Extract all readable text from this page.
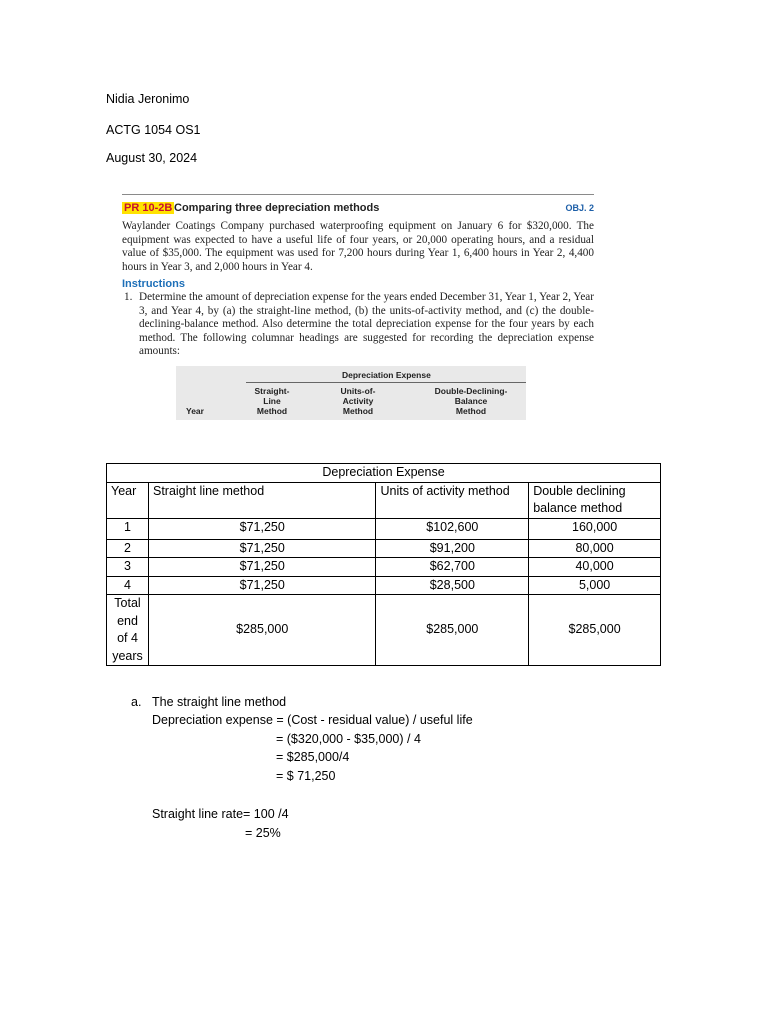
Nidia Jeronimo
ACTG 1054 OS1
August 30, 2024
PR 10-2B Comparing three depreciation methods	OBJ. 2

Waylander Coatings Company purchased waterproofing equipment on January 6 for $320,000. The equipment was expected to have a useful life of four years, or 20,000 operating hours, and a residual value of $35,000. The equipment was used for 7,200 hours during Year 1, 6,400 hours in Year 2, 4,400 hours in Year 3, and 2,000 hours in Year 4.

Instructions
1. Determine the amount of depreciation expense for the years ended December 31, Year 1, Year 2, Year 3, and Year 4, by (a) the straight-line method, (b) the units-of-activity method, and (c) the double-declining-balance method. Also determine the total depreciation expense for the four years by each method. The following columnar headings are suggested for recording the depreciation expense amounts:
Depreciation Expense
Year
Straight-
Line
Method
Units-of-
Activity
Method
Double-Declining-
Balance
Method
Depreciation Expense			
Year	Straight line method	Units of activity method	Double declining balance method
1	$71,250	$102,600	160,000
2	$71,250	$91,200	80,000
3	$71,250	$62,700	40,000
4	$71,250	$28,500	5,000
Total end of 4 years	$285,000	$285,000	$285,000
a. The straight line method
Depreciation expense = (Cost - residual value) / useful life
= ($320,000 - $35,000) / 4
= $285,000/4
= $ 71,250
Straight line rate= 100 /4
= 25%
